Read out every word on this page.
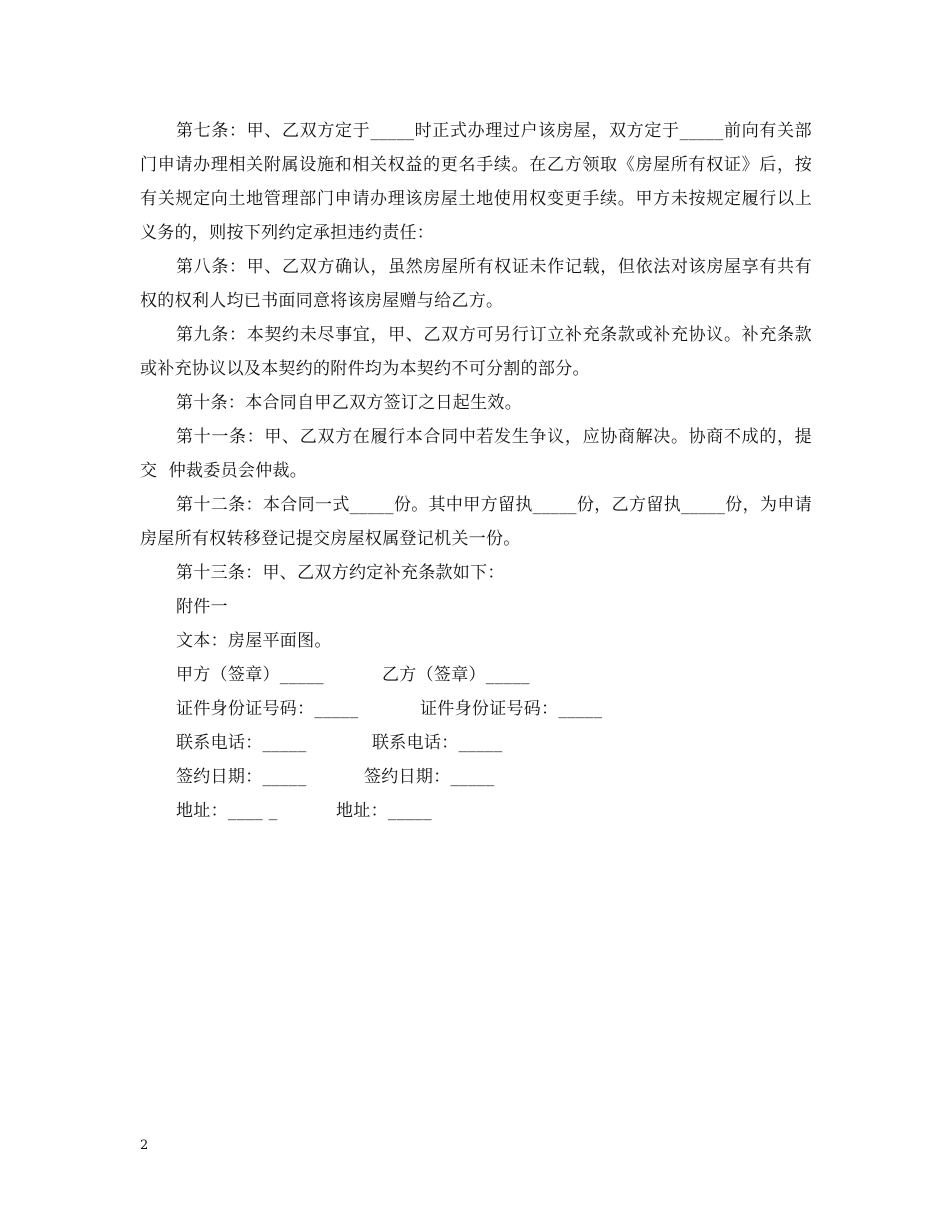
第七条：甲、乙双方定于_____时正式办理过户该房屋，双方定于_____前向有关部门申请办理相关附属设施和相关权益的更名手续。在乙方领取《房屋所有权证》后，按有关规定向土地管理部门申请办理该房屋土地使用权变更手续。甲方未按规定履行以上义务的，则按下列约定承担违约责任：

第八条：甲、乙双方确认，虽然房屋所有权证未作记载，但依法对该房屋享有共有权的权利人均已书面同意将该房屋赠与给乙方。

第九条：本契约未尽事宜，甲、乙双方可另行订立补充条款或补充协议。补充条款或补充协议以及本契约的附件均为本契约不可分割的部分。

第十条：本合同自甲乙双方签订之日起生效。

第十一条：甲、乙双方在履行本合同中若发生争议，应协商解决。协商不成的，提交  仲裁委员会仲裁。

第十二条：本合同一式_____份。其中甲方留执_____份，乙方留执_____份，为申请房屋所有权转移登记提交房屋权属登记机关一份。

第十三条：甲、乙双方约定补充条款如下：

附件一

文本：房屋平面图。

甲方（签章）_____	乙方（签章）_____
证件身份证号码：_____	证件身份证号码：_____
联系电话：_____	联系电话：_____
签约日期：_____	签约日期：_____
地址：____ _	地址：_____
2
